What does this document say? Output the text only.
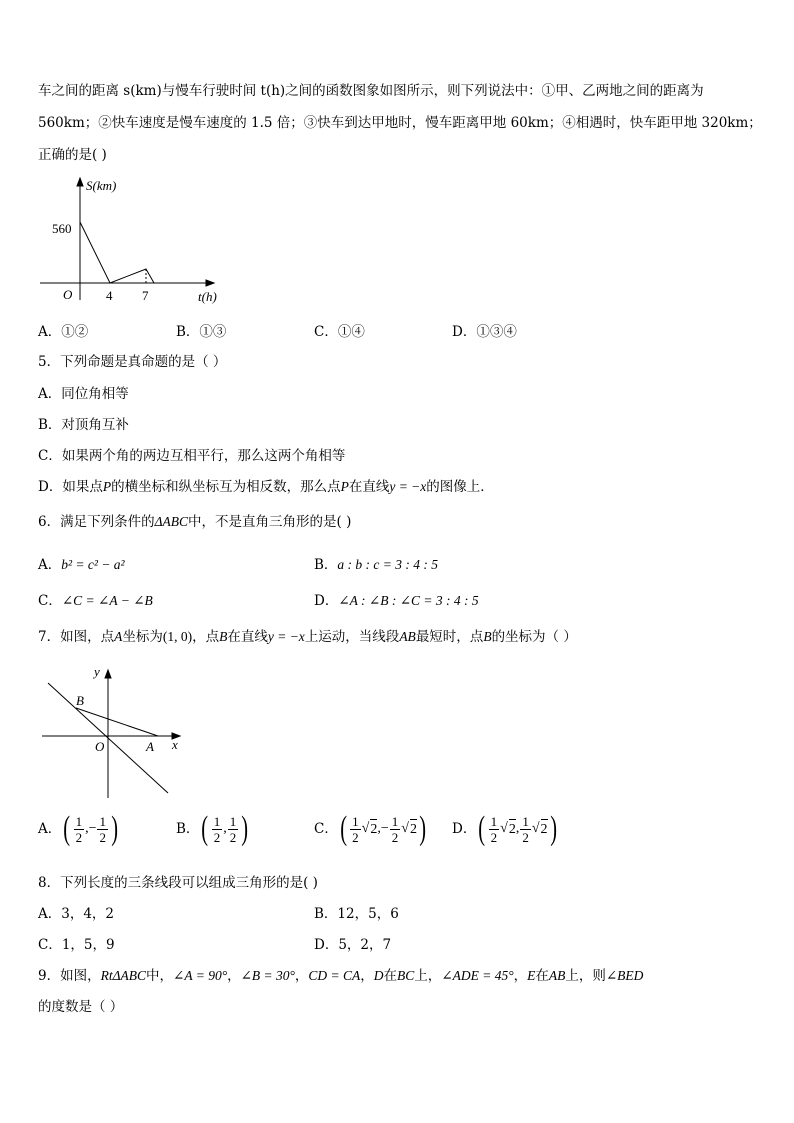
车之间的距离 s(km)与慢车行驶时间 t(h)之间的函数图象如图所示，则下列说法中：①甲、乙两地之间的距离为
560km；②快车速度是慢车速度的 1.5 倍；③快车到达甲地时，慢车距离甲地 60km；④相遇时，快车距甲地 320km；
正确的是( )
S(km)
560
O	4 7	t(h)
A．①②	B．①③	C．①④	D．①③④
5．下列命题是真命题的是（ ）
A．同位角相等
B．对顶角互补
C．如果两个角的两边互相平行，那么这两个角相等
D．如果点P的横坐标和纵坐标互为相反数，那么点P在直线y = −x的图像上．
6．满足下列条件的ΔABC中，不是直角三角形的是( )
A．b² = c² − a²	B．a : b : c = 3 : 4 : 5
C．∠C = ∠A − ∠B	D．∠A : ∠B : ∠C = 3 : 4 : 5
7．如图，点A坐标为(1, 0)，点B在直线y = −x上运动，当线段AB最短时，点B的坐标为（ ）
y
B
O	A x
A． ( $\frac{1}{2}$ ,− $\frac{1}{2}$ )	B． ( $\frac{1}{2}$ , $\frac{1}{2}$ )	C． ( $\frac{1}{2}$ √ 2 ,− $\frac{1}{2}$ √ 2 ) D． ( $\frac{1}{2}$ √ 2 , $\frac{1}{2}$ √ 2 )
8．下列长度的三条线段可以组成三角形的是( )
A．3，4，2	B．12，5，6
C．1，5，9	D．5，2，7
9．如图，RtΔABC中，∠A = 90°，∠B = 30°，CD = CA，D在BC上，∠ADE = 45°，E在AB上，则∠BED
的度数是（ ）
